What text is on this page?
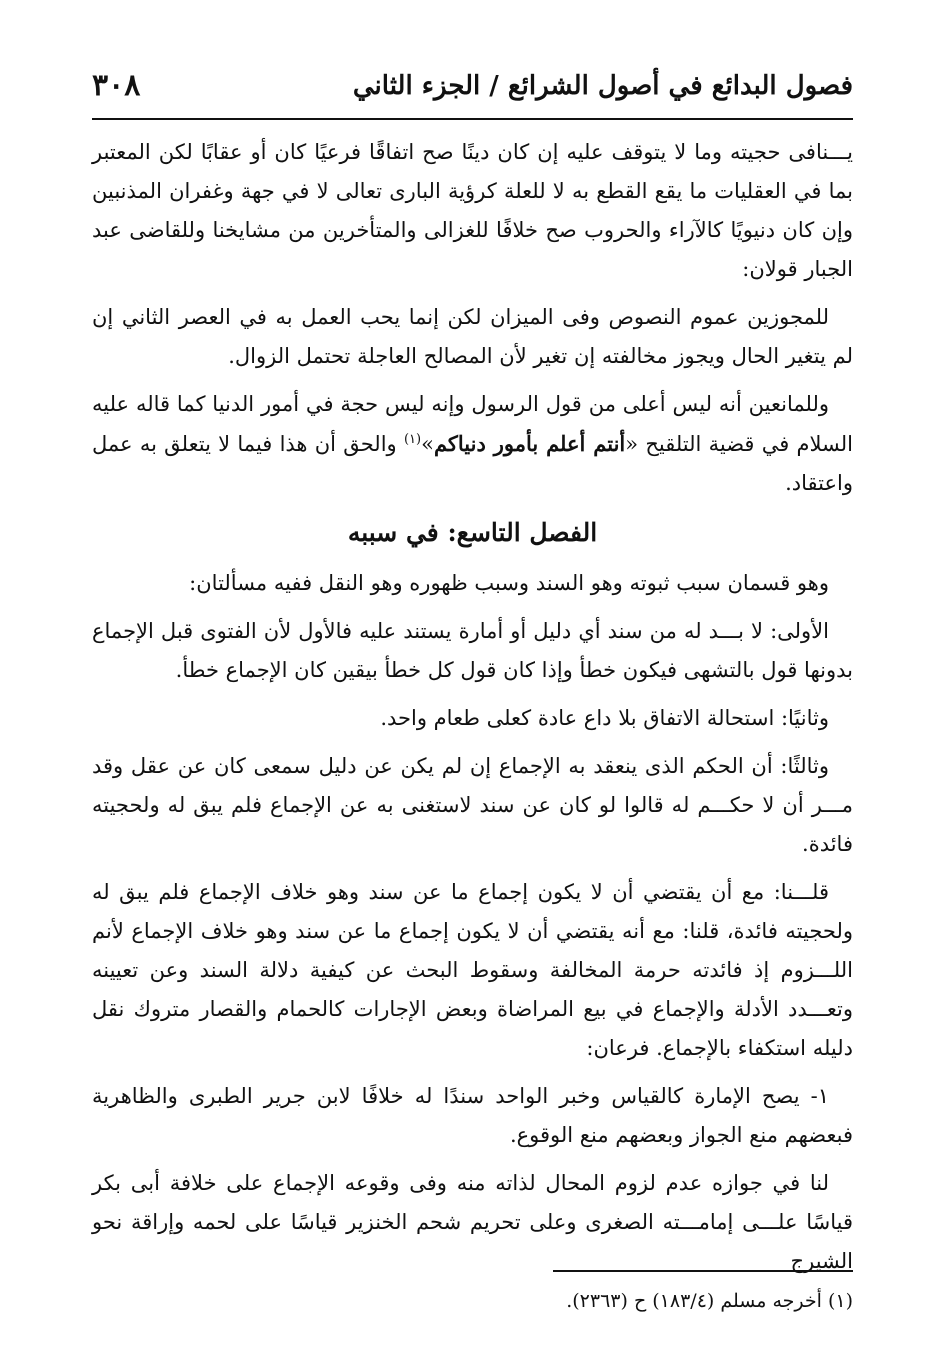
فصول البدائع في أصول الشرائع / الجزء الثاني
٣٠٨

يـــنافى حجيته وما لا يتوقف عليه إن كان دينًا صح اتفاقًا فرعيًا كان أو عقابًا لكن المعتبر بما في العقليات ما يقع القطع به لا للعلة كرؤية البارى تعالى لا في جهة وغفران المذنبين وإن كان دنيويًا كالآراء والحروب صح خلافًا للغزالى والمتأخرين من مشايخنا وللقاضى عبد الجبار قولان:

للمجوزين عموم النصوص وفى الميزان لكن إنما يحب العمل به في العصر الثاني إن لم يتغير الحال ويجوز مخالفته إن تغير لأن المصالح العاجلة تحتمل الزوال.

وللمانعين أنه ليس أعلى من قول الرسول وإنه ليس حجة في أمور الدنيا كما قاله عليه السلام في قضية التلقيح «أنتم أعلم بأمور دنياكم»$^{(١)}$ والحق أن هذا فيما لا يتعلق به عمل واعتقاد.

الفصل التاسع: في سببه

وهو قسمان سبب ثبوته وهو السند وسبب ظهوره وهو النقل ففيه مسألتان:

الأولى: لا بـــد له من سند أي دليل أو أمارة يستند عليه فالأول لأن الفتوى قبل الإجماع بدونها قول بالتشهى فيكون خطأ وإذا كان قول كل خطأ بيقين كان الإجماع خطأ.

وثانيًا: استحالة الاتفاق بلا داع عادة كعلى طعام واحد.

وثالثًا: أن الحكم الذى ينعقد به الإجماع إن لم يكن عن دليل سمعى كان عن عقل وقد مـــر أن لا حكـــم له قالوا لو كان عن سند لاستغنى به عن الإجماع فلم يبق له ولحجيته فائدة.

قلـــنا: مع أن يقتضي أن لا يكون إجماع ما عن سند وهو خلاف الإجماع فلم يبق له ولحجيته فائدة، قلنا: مع أنه يقتضي أن لا يكون إجماع ما عن سند وهو خلاف الإجماع لأنم اللـــزوم إذ فائدته حرمة المخالفة وسقوط البحث عن كيفية دلالة السند وعن تعيينه وتعـــدد الأدلة والإجماع في بيع المراضاة وبعض الإجارات كالحمام والقصار متروك نقل دليله استكفاء بالإجماع. فرعان:

١- يصح الإمارة كالقياس وخبر الواحد سندًا له خلافًا لابن جرير الطبرى والظاهرية فبعضهم منع الجواز وبعضهم منع الوقوع.

لنا في جوازه عدم لزوم المحال لذاته منه وفى وقوعه الإجماع على خلافة أبى بكر قياسًا علـــى إمامـــته الصغرى وعلى تحريم شحم الخنزير قياسًا على لحمه وإراقة نحو الشيرج

(١) أخرجه مسلم (١٨٣/٤) ح (٢٣٦٣).
